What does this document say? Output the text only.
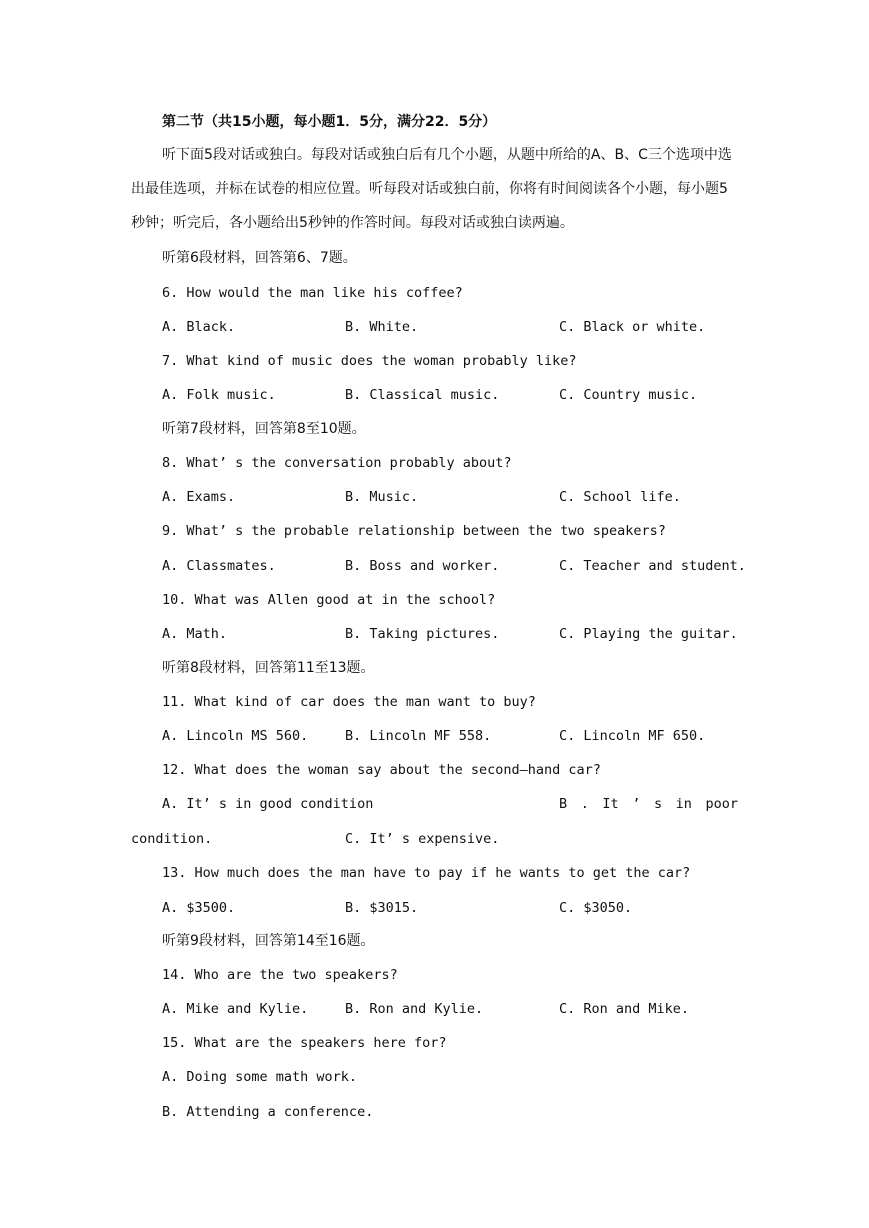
第二节（共15小题，每小题1．5分，满分22．5分）
听下面5段对话或独白。每段对话或独白后有几个小题，从题中所给的A、B、C三个选项中选出最佳选项，并标在试卷的相应位置。听每段对话或独白前，你将有时间阅读各个小题，每小题5秒钟；听完后，各小题给出5秒钟的作答时间。每段对话或独白读两遍。
听第6段材料，回答第6、7题。
6. How would the man like his coffee?
A. Black.	B. White.	C. Black or white.
7. What kind of music does the woman probably like?
A. Folk music.	B. Classical music.	C. Country music.
听第7段材料，回答第8至10题。
8. What’ s the conversation probably about?
A. Exams.	B. Music.	C. School life.
9. What’ s the probable relationship between the two speakers?
A. Classmates.	B. Boss and worker.	C. Teacher and student.
10. What was Allen good at in the school?
A. Math.	B. Taking pictures.	C. Playing the guitar.
听第8段材料，回答第11至13题。
11. What kind of car does the man want to buy?
A. Lincoln MS 560.	B. Lincoln MF 558.	C. Lincoln MF 650.
12. What does the woman say about the second—hand car?
A. It’ s in good condition	B . It ’ s in poor
condition.	C. It’ s expensive.
13. How much does the man have to pay if he wants to get the car?
A. $3500.	B. $3015.	C. $3050.
听第9段材料，回答第14至16题。
14. Who are the two speakers?
A. Mike and Kylie.	B. Ron and Kylie.	C. Ron and Mike.
15. What are the speakers here for?
A. Doing some math work.
B. Attending a conference.
